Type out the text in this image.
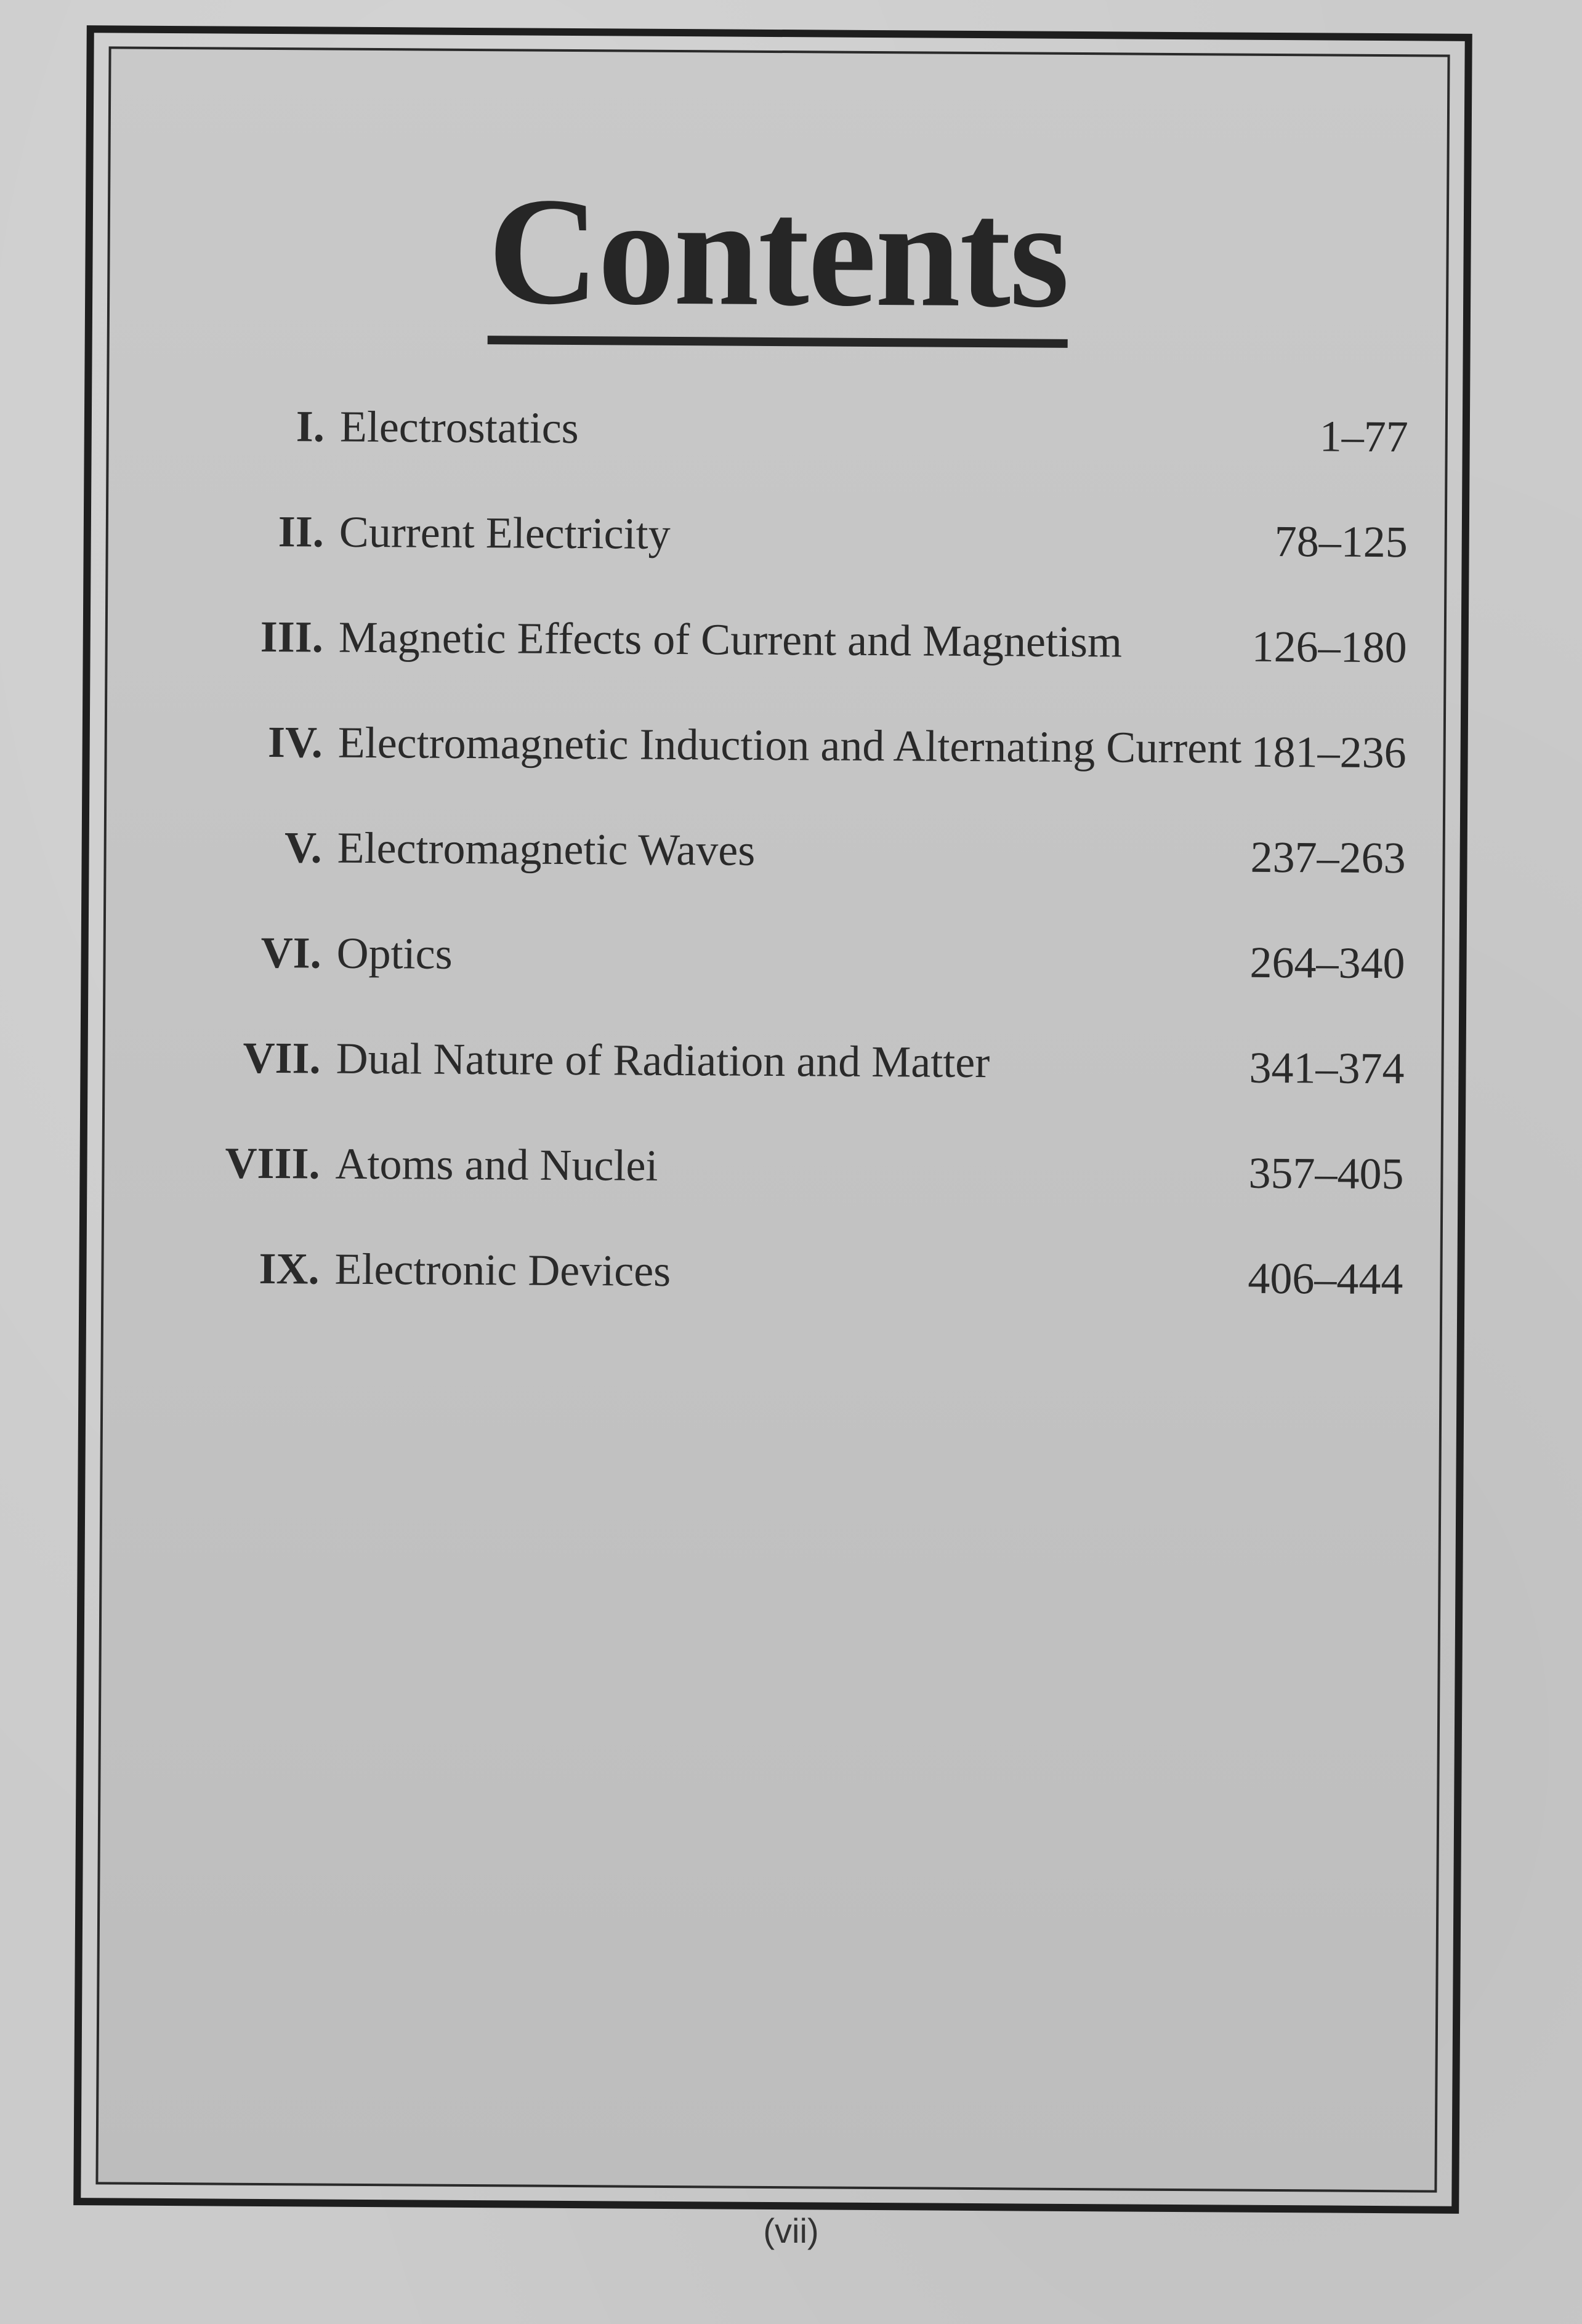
Contents
I. Electrostatics	1–77
II. Current Electricity	78–125
III. Magnetic Effects of Current and Magnetism	126–180
IV. Electromagnetic Induction and Alternating Current 181–236
V. Electromagnetic Waves	237–263
VI. Optics	264–340
VII. Dual Nature of Radiation and Matter	341–374
VIII. Atoms and Nuclei	357–405
IX. Electronic Devices	406–444
(vii)
